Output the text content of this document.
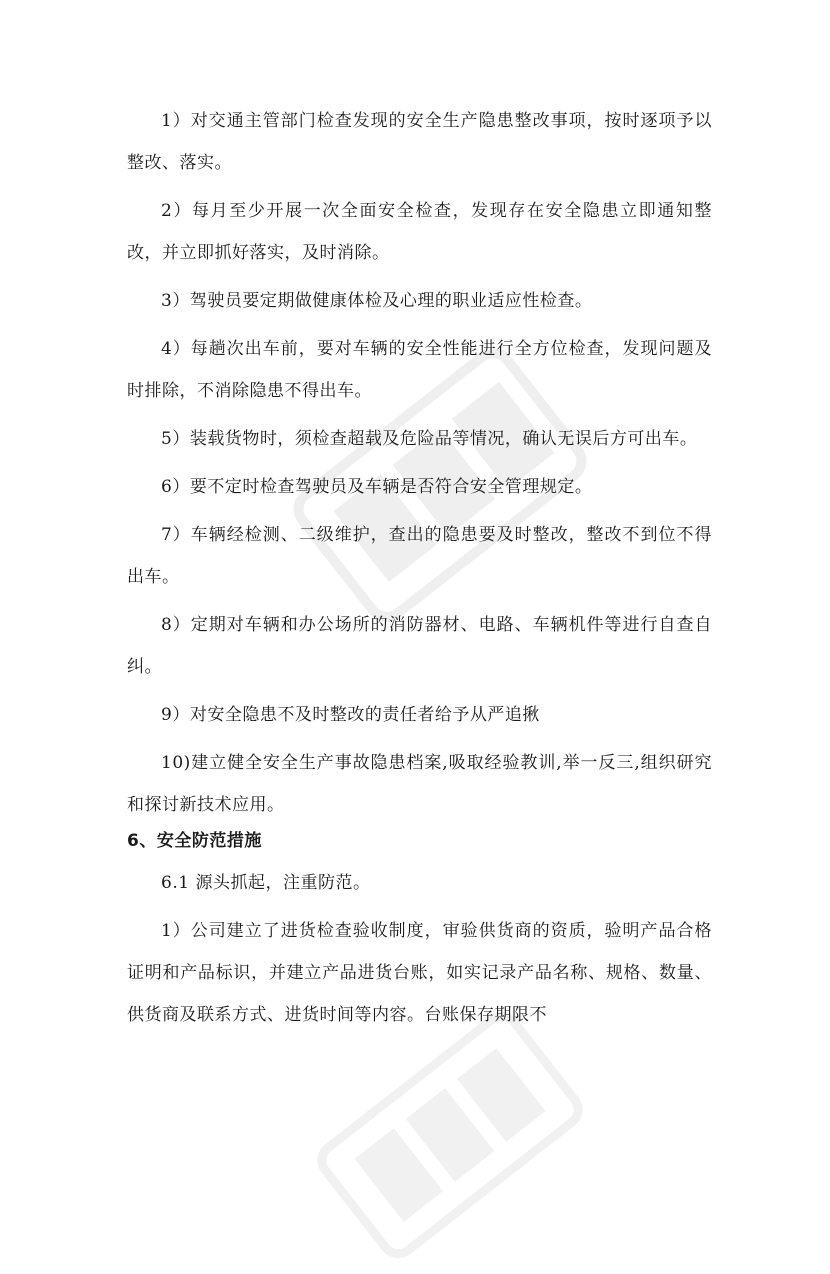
1）对交通主管部门检查发现的安全生产隐患整改事项，按时逐项予以整改、落实。

2）每月至少开展一次全面安全检查，发现存在安全隐患立即通知整改，并立即抓好落实，及时消除。

3）驾驶员要定期做健康体检及心理的职业适应性检查。

4）每趟次出车前，要对车辆的安全性能进行全方位检查，发现问题及时排除，不消除隐患不得出车。

5）装载货物时，须检查超载及危险品等情况，确认无误后方可出车。

6）要不定时检查驾驶员及车辆是否符合安全管理规定。

7）车辆经检测、二级维护，查出的隐患要及时整改，整改不到位不得出车。

8）定期对车辆和办公场所的消防器材、电路、车辆机件等进行自查自纠。

9）对安全隐患不及时整改的责任者给予从严追揪

10)建立健全安全生产事故隐患档案,吸取经验教训,举一反三,组织研究和探讨新技术应用。

6、安全防范措施

6.1 源头抓起，注重防范。

1）公司建立了进货检查验收制度，审验供货商的资质，验明产品合格证明和产品标识，并建立产品进货台账，如实记录产品名称、规格、数量、供货商及联系方式、进货时间等内容。台账保存期限不
